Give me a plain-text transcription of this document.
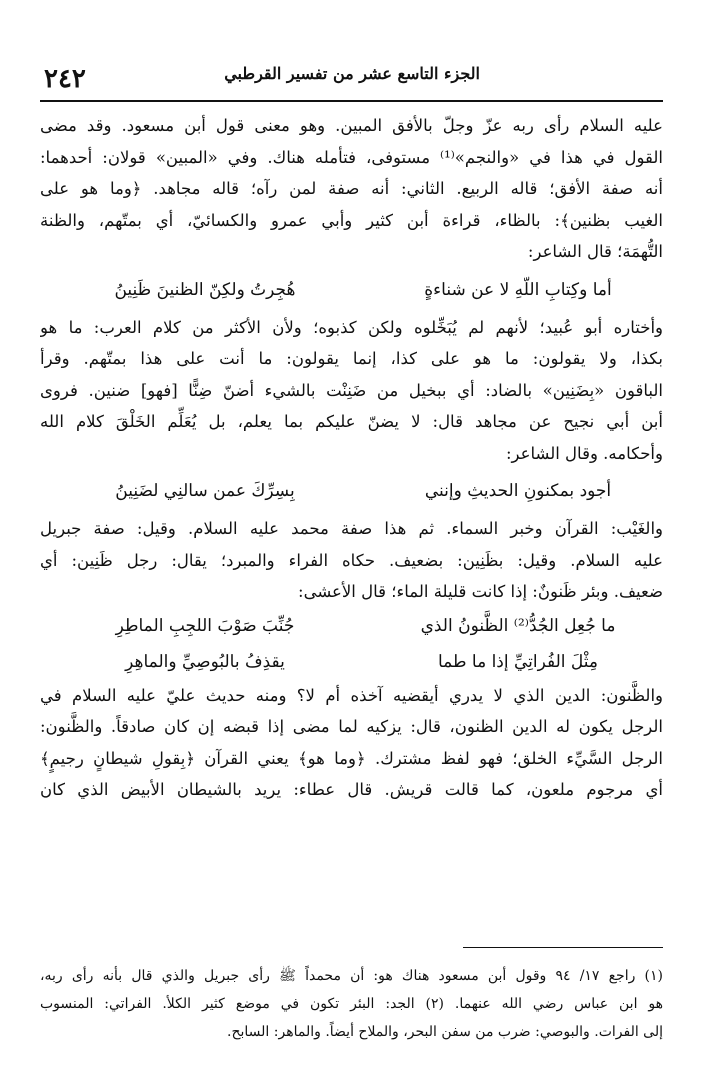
٢٤٢	الجزء التاسع عشر من تفسير القرطبي
عليه السلام رأى ربه عزّ وجلّ بالأفق المبين. وهو معنى قول أبن مسعود. وقد مضى
القول في هذا في «والنجم»⁽¹⁾ مستوفى، فتأمله هناك. وفي «المبين» قولان: أحدهما:
أنه صفة الأفق؛ قاله الربيع. الثاني: أنه صفة لمن رآه؛ قاله مجاهد. ﴿وما هو على
الغيب بظنين﴾: بالظاء، قراءة أبن كثير وأبي عمرو والكسائيّ، أي بمتّهم، والظنة
التُّهمَة؛ قال الشاعر:
أما وكِتابِ اللّهِ لا عن شناءةٍ
هُجِرتُ ولكِنّ الظنينَ ظَنِينُ
وأختاره أبو عُبيد؛ لأنهم لم يُبَخِّلوه ولكن كذبوه؛ ولأن الأكثر من كلام العرب: ما هو
بكذا، ولا يقولون: ما هو على كذا، إنما يقولون: ما أنت على هذا بمتّهم. وقرأ
الباقون «بِضَنِين» بالضاد: أي ببخيل من ضَنِنْت بالشيء أضنّ ضِنًّا [فهو] ضنين. فروى
أبن أبي نجيح عن مجاهد قال: لا يضنّ عليكم بما يعلم، بل يُعَلِّم الخَلْقَ كلام الله
وأحكامه. وقال الشاعر:
أجود بمكنونِ الحديثِ وإنني
بِسِرِّكَ عمن سالنِي لضَنِينُ
والغَيْب: القرآن وخبر السماء. ثم هذا صفة محمد عليه السلام. وقيل: صفة جبريل
عليه السلام. وقيل: بظَنِين: بضعيف. حكاه الفراء والمبرد؛ يقال: رجل ظَنِين: أي
ضعيف. وبئر ظَنونٌ: إذا كانت قليلة الماء؛ قال الأعشى:
ما جُعِل الجُدُّ⁽²⁾ الظَّنونُ الذي
جُنِّبَ صَوْبَ اللجِبِ الماطِرِ
مِثْلَ الفُراتِيِّ إذا ما طما
يقذِفُ بالبُوصِيِّ والماهِرِ
والظَّنون: الدين الذي لا يدري أيقضيه آخذه أم لا؟ ومنه حديث عليّ عليه السلام في
الرجل يكون له الدين الظنون، قال: يزكيه لما مضى إذا قبضه إن كان صادقاً. والظَّنون:
الرجل السَّيِّء الخلق؛ فهو لفظ مشترك. ﴿وما هو﴾ يعني القرآن ﴿بِقولِ شيطانٍ رجيمٍ﴾
أي مرجوم ملعون، كما قالت قريش. قال عطاء: يريد بالشيطان الأبيض الذي كان
(١) راجع ١٧/ ٩٤ وقول أبن مسعود هناك هو: أن محمداً ﷺ رأى جبريل والذي قال بأنه رأى ربه،
هو ابن عباس رضي الله عنهما. (٢) الجد: البئر تكون في موضع كثير الكلأ. الفراتي: المنسوب
إلى الفرات. والبوصي: ضرب من سفن البحر، والملاح أيضاً. والماهر: السابح.
